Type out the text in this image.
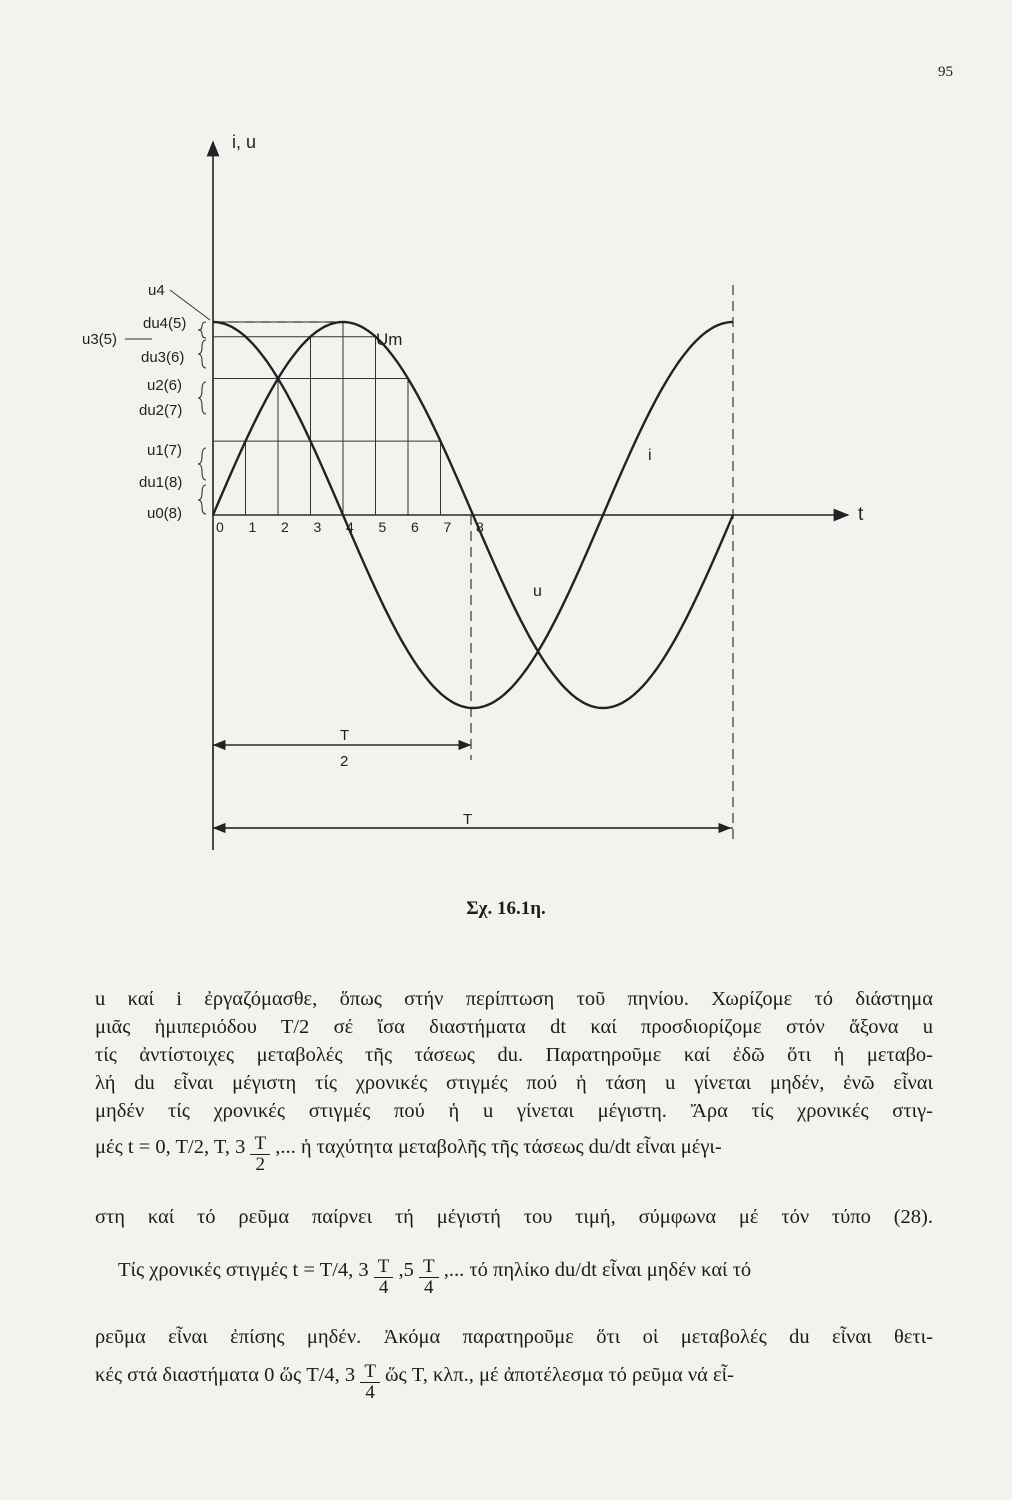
95
i, u
t
Um
u
i
0 1 2 3 4 5 6 7 8
u4
u3(5)
du4(5)
du3(6)
u2(6)
du2(7)
u1(7)
du1(8)
u0(8)
T
2
T
Σχ. 16.1η.
u καί i ἐργαζόμασθε, ὅπως στήν περίπτωση τοῦ πηνίου. Χωρίζομε τό διάστημα
μιᾶς ἡμιπεριόδου Τ/2 σέ ἴσα διαστήματα dt καί προσδιορίζομε στόν ἄξονα u
τίς ἀντίστοιχες μεταβολές τῆς τάσεως du. Παρατηροῦμε καί ἐδῶ ὅτι ἡ μεταβο-
λή du εἶναι μέγιστη τίς χρονικές στιγμές πού ἡ τάση u γίνεται μηδέν, ἐνῶ εἶναι
μηδέν τίς χρονικές στιγμές πού ἡ u γίνεται μέγιστη. Ἄρα τίς χρονικές στιγ-
μές t = 0, T/2, T, $3 \frac{T}{2}$ ,... ἡ ταχύτητα μεταβολῆς τῆς τάσεως du/dt εἶναι μέγι-
στη καί τό ρεῦμα παίρνει τή μέγιστή του τιμή, σύμφωνα μέ τόν τύπο (28).
Τίς χρονικές στιγμές t = T/4, $3 \frac{T}{4} ,5 \frac{T}{4}$ ,... τό πηλίκο du/dt εἶναι μηδέν καί τό
ρεῦμα εἶναι ἐπίσης μηδέν. Ἀκόμα παρατηροῦμε ὅτι οἱ μεταβολές du εἶναι θετι-
κές στά διαστήματα 0 ὥς T/4, $3 \frac{T}{4}$ ὥς T, κλπ., μέ ἀποτέλεσμα τό ρεῦμα νά εἶ-
